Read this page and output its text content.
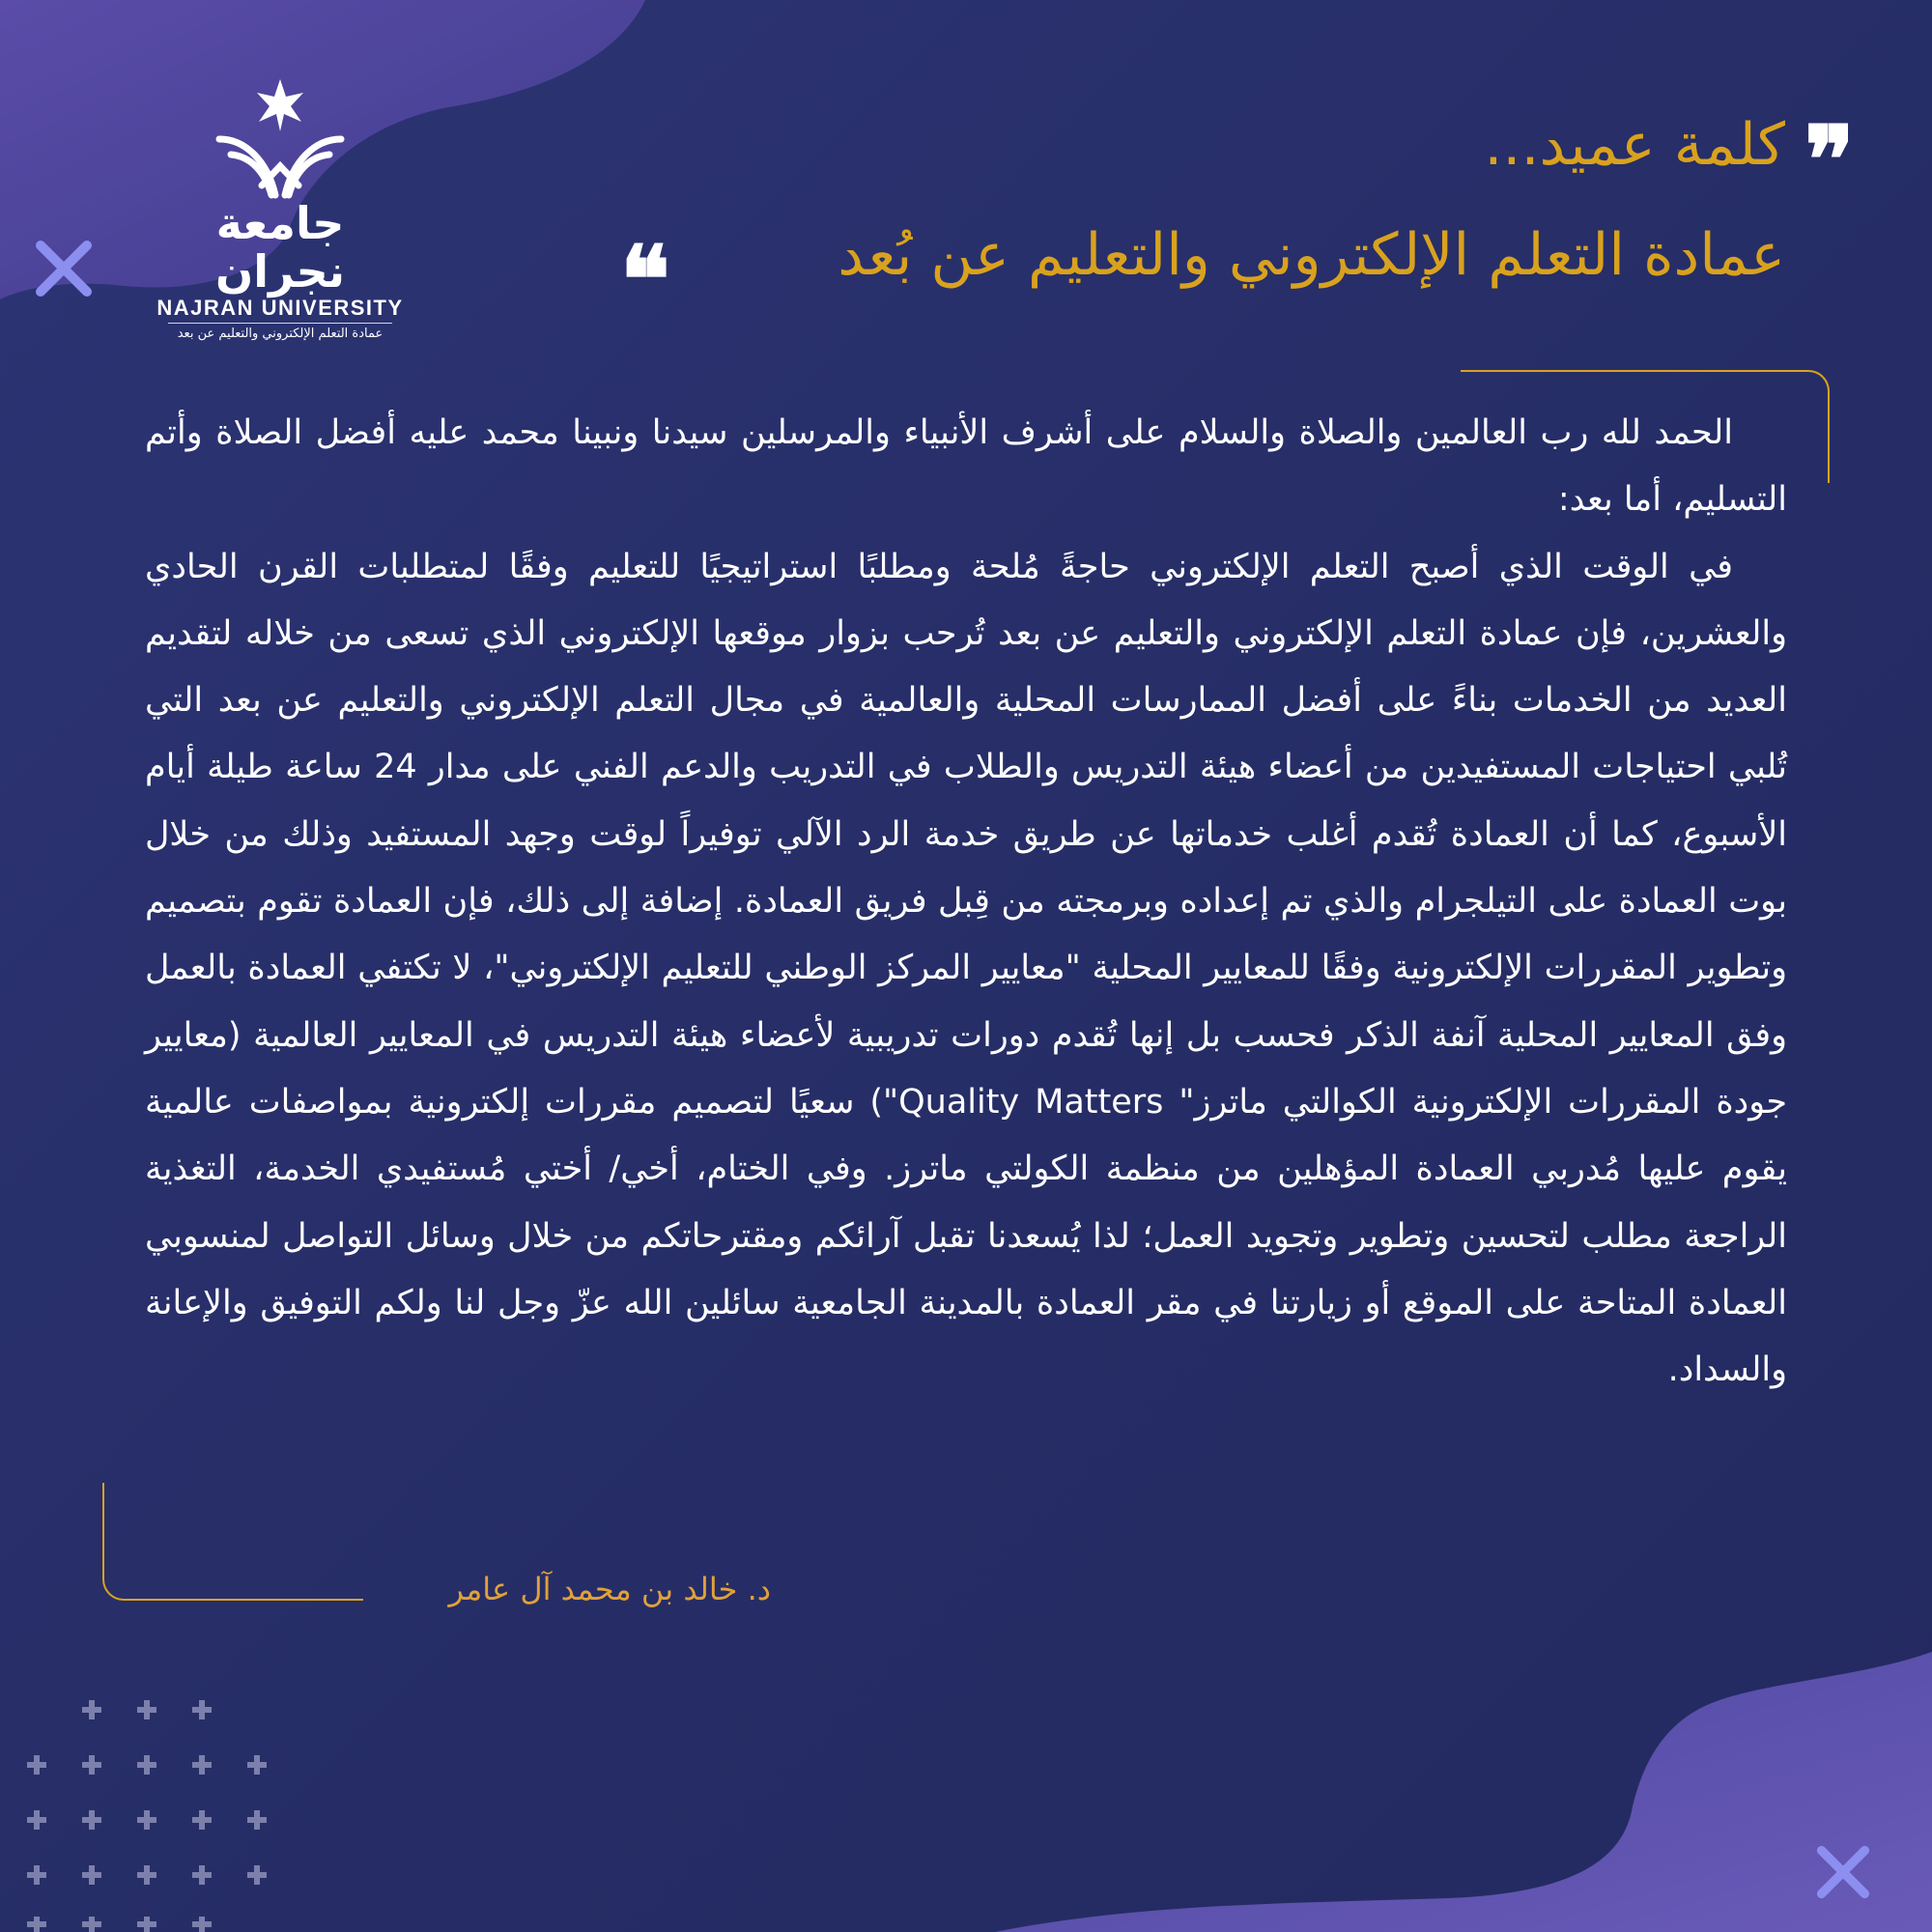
جامعة نجران
NAJRAN UNIVERSITY
عمادة التعلم الإلكتروني والتعليم عن بعد
❞
كلمة عميد...
❝	عمادة التعلم الإلكتروني والتعليم عن بُعد

الحمد لله رب العالمين والصلاة والسلام على أشرف الأنبياء والمرسلين سيدنا ونبينا محمد عليه أفضل الصلاة وأتم التسليم، أما بعد:

في الوقت الذي أصبح التعلم الإلكتروني حاجةً مُلحة ومطلبًا استراتيجيًا للتعليم وفقًا لمتطلبات القرن الحادي والعشرين، فإن عمادة التعلم الإلكتروني والتعليم عن بعد تُرحب بزوار موقعها الإلكتروني الذي تسعى من خلاله لتقديم العديد من الخدمات بناءً على أفضل الممارسات المحلية والعالمية في مجال التعلم الإلكتروني والتعليم عن بعد التي تُلبي احتياجات المستفيدين من أعضاء هيئة التدريس والطلاب في التدريب والدعم الفني على مدار 24 ساعة طيلة أيام الأسبوع، كما أن العمادة تُقدم أغلب خدماتها عن طريق خدمة الرد الآلي توفيراً لوقت وجهد المستفيد وذلك من خلال بوت العمادة على التيلجرام والذي تم إعداده وبرمجته من قِبل فريق العمادة. إضافة إلى ذلك، فإن العمادة تقوم بتصميم وتطوير المقررات الإلكترونية وفقًا للمعايير المحلية "معايير المركز الوطني للتعليم الإلكتروني"، لا تكتفي العمادة بالعمل وفق المعايير المحلية آنفة الذكر فحسب بل إنها تُقدم دورات تدريبية لأعضاء هيئة التدريس في المعايير العالمية (معايير جودة المقررات الإلكترونية الكوالتي ماترز" Quality Matters") سعيًا لتصميم مقررات إلكترونية بمواصفات عالمية يقوم عليها مُدربي العمادة المؤهلين من منظمة الكولتي ماترز. وفي الختام، أخي/ أختي مُستفيدي الخدمة، التغذية الراجعة مطلب لتحسين وتطوير وتجويد العمل؛ لذا يُسعدنا تقبل آرائكم ومقترحاتكم من خلال وسائل التواصل لمنسوبي العمادة المتاحة على الموقع أو زيارتنا في مقر العمادة بالمدينة الجامعية سائلين الله عزّ وجل لنا ولكم التوفيق والإعانة والسداد.

د. خالد بن محمد آل عامر
